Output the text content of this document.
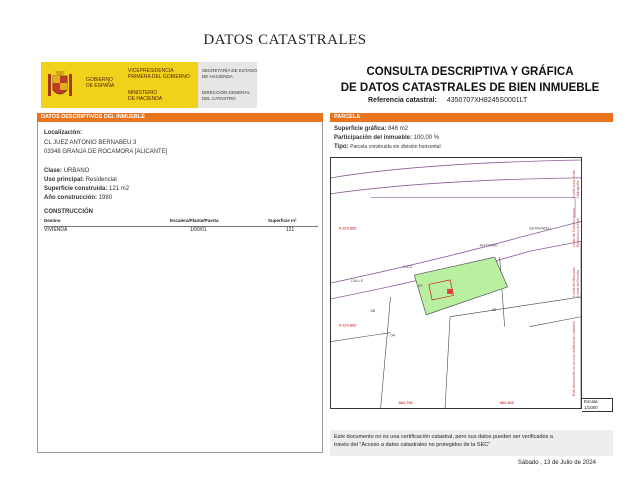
DATOS CATASTRALES
GOBIERNO
DE ESPAÑA
VICEPRESIDENCIA
PRIMERA DEL GOBIERNO
MINISTERIO
DE HACIENDA
SECRETARÍA DE ESTADO
DE HACIENDA
DIRECCIÓN GENERAL
DEL CATASTRO
CONSULTA DESCRIPTIVA Y GRÁFICA
DE DATOS CATASTRALES DE BIEN INMUEBLE
Referencia catastral: 4350707XH8245S0001LT
DATOS DESCRIPTIVOS DEL INMUEBLE
Localización:
CL JUEZ ANTONIO BERNABEU 3
03348 GRANJA DE ROCAMORA [ALICANTE]
Clase: URBANO
Uso principal: Residencial
Superficie construida: 121 m2
Año construcción: 1980
CONSTRUCCIÓN
Destino	Escalera/Planta/Puerta	Superficie m²
VIVIENDA	1/00/01	121
PARCELA
Superficie gráfica: 846 m2
Participación del inmueble: 100,00 %
Tipo: Parcela construida sin división horizontal
4.224.850
4.224.800
684.750	684.800
CALLE
JUEZ
ANTONIO
BERNABEU
07
06	05
04
Límite de Manzana Límite de Parcela
Límite de Construcciones Mobiliario y aceras
Límite zona verde Hidrografía
Este documento no es una certificación catastral
Escala:
1/1000
Este documento no es una certificación catastral, pero sus datos pueden ser verificados a
través del "Acceso a datos catastrales no protegidos de la SEC"
Sábado , 13 de Julio de 2024
